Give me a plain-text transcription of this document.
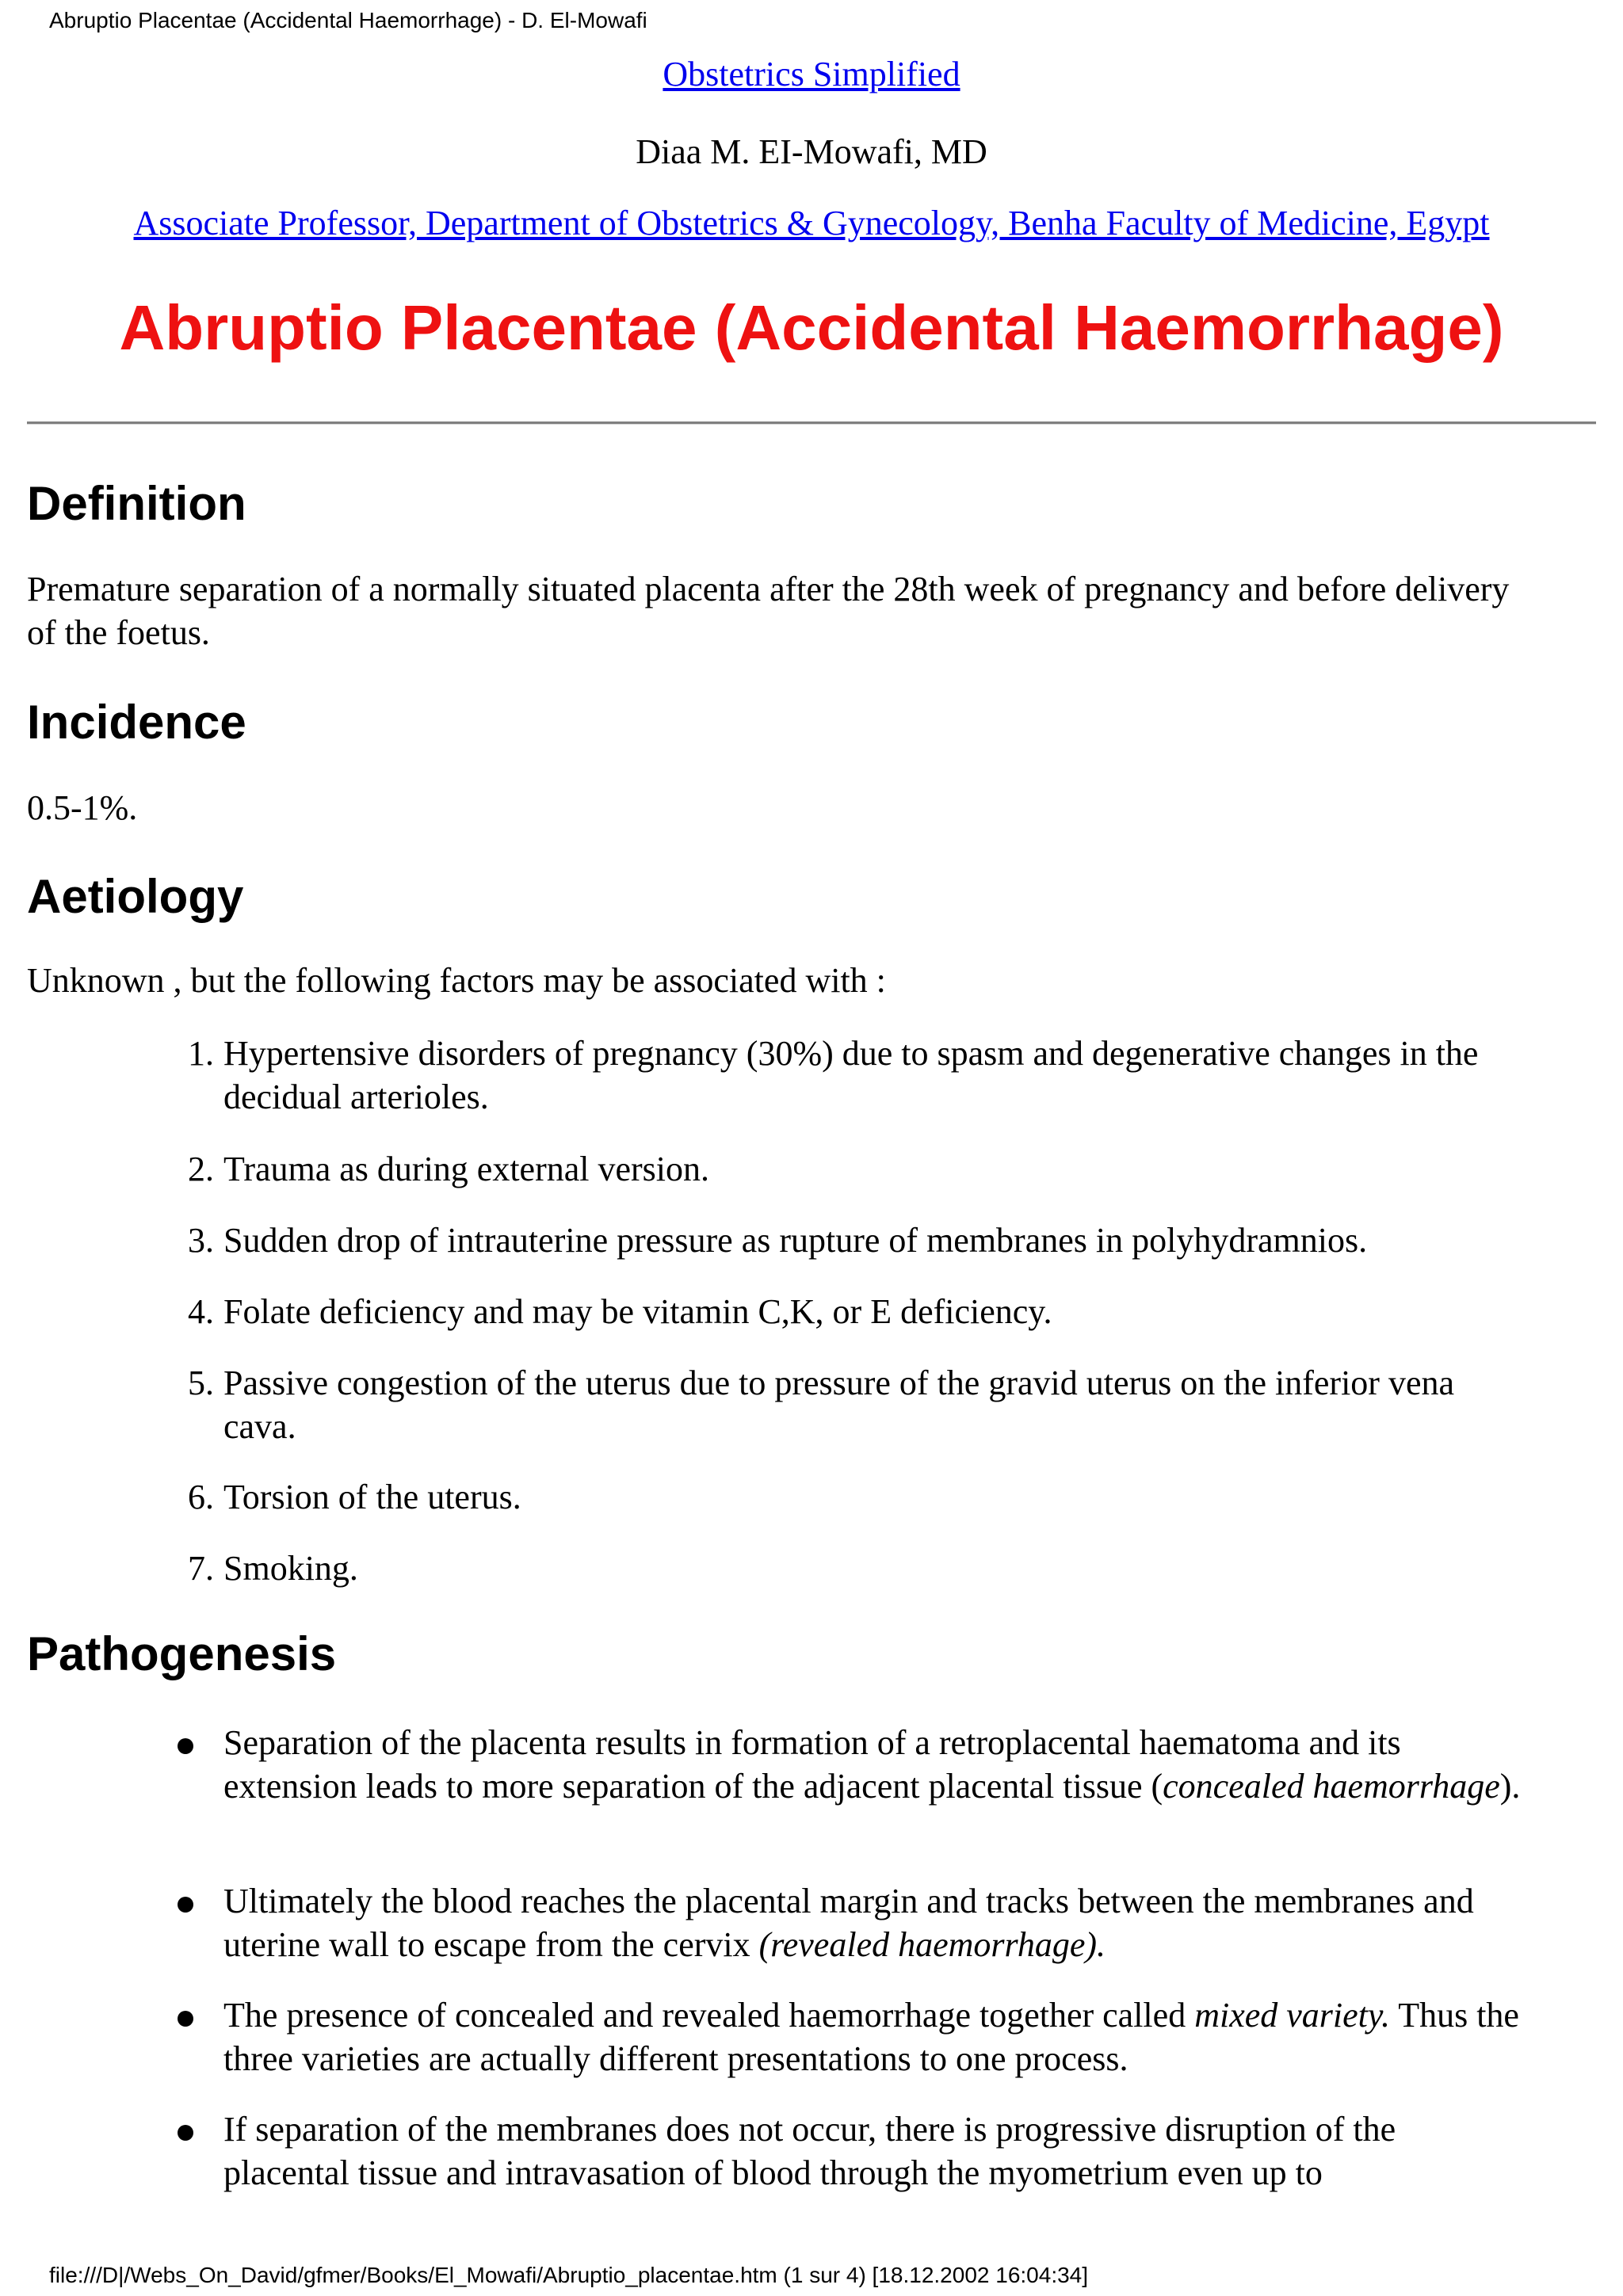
Abruptio Placentae (Accidental Haemorrhage) - D. El-Mowafi
Obstetrics Simplified
Diaa M. EI-Mowafi, MD
Associate Professor, Department of Obstetrics & Gynecology, Benha Faculty of Medicine, Egypt
Abruptio Placentae (Accidental Haemorrhage)
Definition

Premature separation of a normally situated placenta after the 28th week of pregnancy and before delivery of the foetus.

Incidence

0.5-1%.

Aetiology

Unknown , but the following factors may be associated with :

1. Hypertensive disorders of pregnancy (30%) due to spasm and degenerative changes in the decidual arterioles.
2. Trauma as during external version.
3. Sudden drop of intrauterine pressure as rupture of membranes in polyhydramnios.
4. Folate deficiency and may be vitamin C,K, or E deficiency.
5. Passive congestion of the uterus due to pressure of the gravid uterus on the inferior vena cava.
6. Torsion of the uterus.
7. Smoking.
Pathogenesis
Separation of the placenta results in formation of a retroplacental haematoma and its extension leads to more separation of the adjacent placental tissue (concealed haemorrhage).
Ultimately the blood reaches the placental margin and tracks between the membranes and uterine wall to escape from the cervix (revealed haemorrhage).
The presence of concealed and revealed haemorrhage together called mixed variety. Thus the three varieties are actually different presentations to one process.
If separation of the membranes does not occur, there is progressive disruption of the placental tissue and intravasation of blood through the myometrium even up to
file:///D|/Webs_On_David/gfmer/Books/El_Mowafi/Abruptio_placentae.htm (1 sur 4) [18.12.2002 16:04:34]
